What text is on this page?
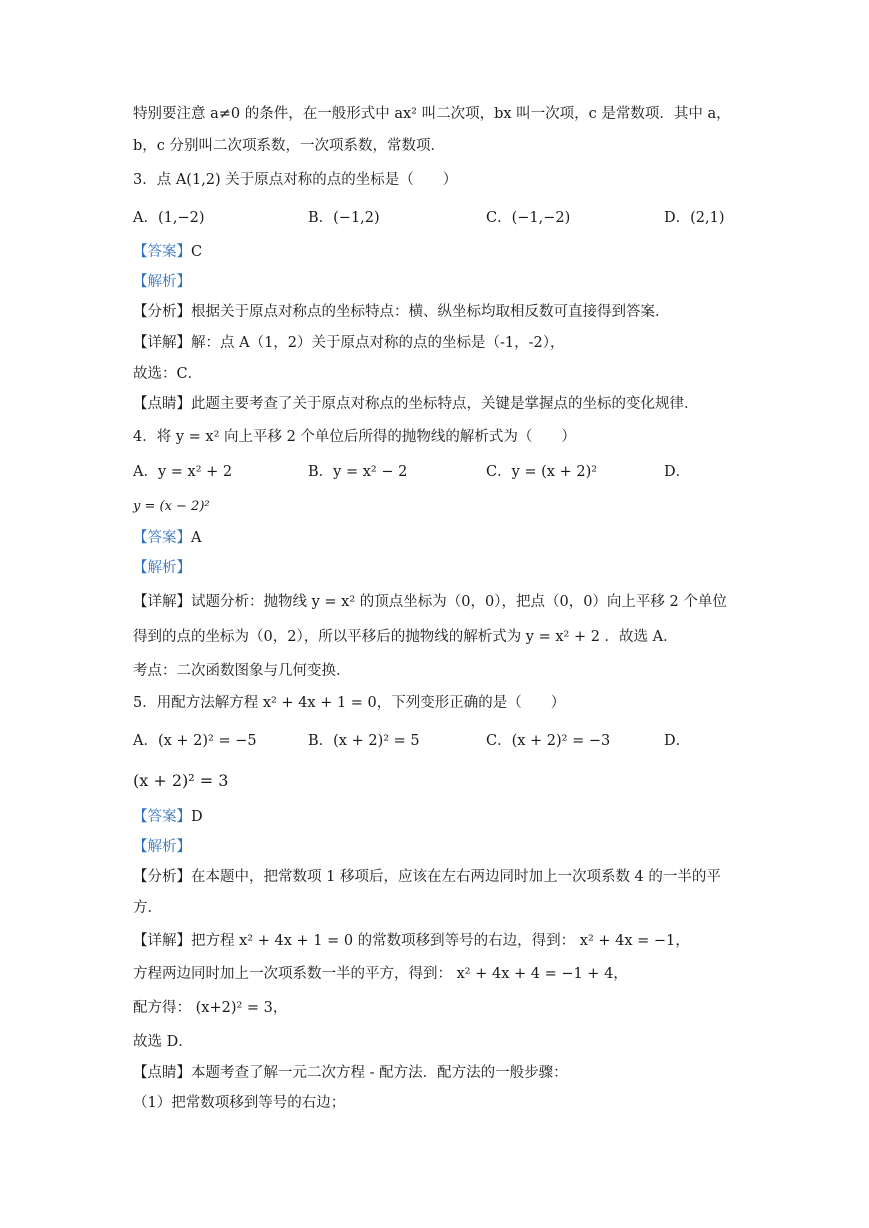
特别要注意 a≠0 的条件，在一般形式中 ax² 叫二次项，bx 叫一次项，c 是常数项．其中 a，
b，c 分别叫二次项系数，一次项系数，常数项．
3．点 A(1,2) 关于原点对称的点的坐标是（　　）
A．(1,−2)	B．(−1,2)	C．(−1,−2)	D．(2,1)
【答案】C
【解析】
【分析】根据关于原点对称点的坐标特点：横、纵坐标均取相反数可直接得到答案．
【详解】解：点 A（1，2）关于原点对称的点的坐标是（-1，-2），
故选：C．
【点睛】此题主要考查了关于原点对称点的坐标特点，关键是掌握点的坐标的变化规律．
4．将 y = x² 向上平移 2 个单位后所得的抛物线的解析式为（　　）
A．y = x² + 2	B．y = x² − 2	C．y = (x + 2)²	D．
y = (x − 2)²
【答案】A
【解析】
【详解】试题分析：抛物线 y = x² 的顶点坐标为（0，0），把点（0，0）向上平移 2 个单位
得到的点的坐标为（0，2），所以平移后的抛物线的解析式为 y = x² + 2 ．故选 A．
考点：二次函数图象与几何变换．
5．用配方法解方程 x² + 4x + 1 = 0，下列变形正确的是（　　）
A．(x + 2)² = −5	B．(x + 2)² = 5	C．(x + 2)² = −3	D．
(x + 2)² = 3
【答案】D
【解析】
【分析】在本题中，把常数项 1 移项后，应该在左右两边同时加上一次项系数 4 的一半的平
方．
【详解】把方程 x² + 4x + 1 = 0 的常数项移到等号的右边，得到： x² + 4x = −1，
方程两边同时加上一次项系数一半的平方，得到： x² + 4x + 4 = −1 + 4，
配方得： (x+2)² = 3，
故选 D．
【点睛】本题考查了解一元二次方程 - 配方法．配方法的一般步骤：
（1）把常数项移到等号的右边；
